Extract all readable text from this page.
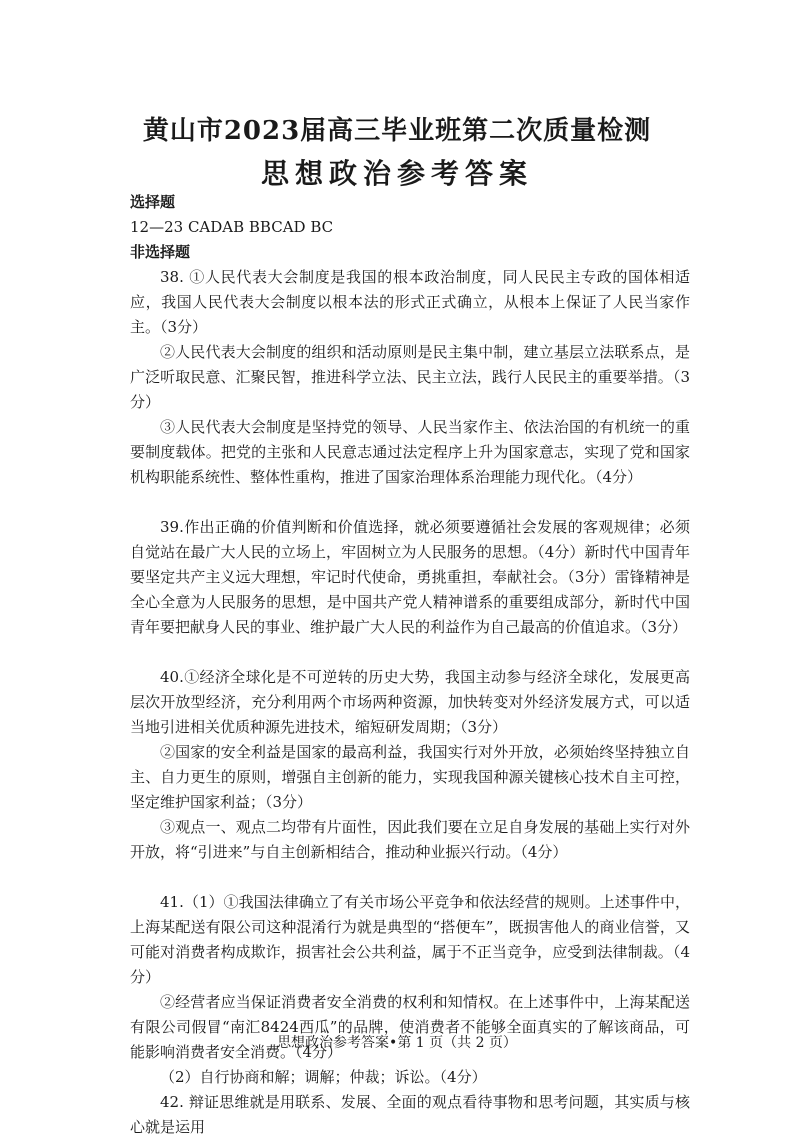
黄山市2023届高三毕业班第二次质量检测
思想政治参考答案

选择题

12—23 CADAB BBCAD BC

非选择题

38. ①人民代表大会制度是我国的根本政治制度，同人民民主专政的国体相适应，我国人民代表大会制度以根本法的形式正式确立，从根本上保证了人民当家作主。（3分）

②人民代表大会制度的组织和活动原则是民主集中制，建立基层立法联系点，是广泛听取民意、汇聚民智，推进科学立法、民主立法，践行人民民主的重要举措。（3分）

③人民代表大会制度是坚持党的领导、人民当家作主、依法治国的有机统一的重要制度载体。把党的主张和人民意志通过法定程序上升为国家意志，实现了党和国家机构职能系统性、整体性重构，推进了国家治理体系治理能力现代化。（4分）

39.作出正确的价值判断和价值选择，就必须要遵循社会发展的客观规律；必须自觉站在最广大人民的立场上，牢固树立为人民服务的思想。（4分）新时代中国青年要坚定共产主义远大理想，牢记时代使命，勇挑重担，奉献社会。（3分）雷锋精神是全心全意为人民服务的思想，是中国共产党人精神谱系的重要组成部分，新时代中国青年要把献身人民的事业、维护最广大人民的利益作为自己最高的价值追求。（3分）

40.①经济全球化是不可逆转的历史大势，我国主动参与经济全球化，发展更高层次开放型经济，充分利用两个市场两种资源，加快转变对外经济发展方式，可以适当地引进相关优质种源先进技术，缩短研发周期；（3分）

②国家的安全利益是国家的最高利益，我国实行对外开放，必须始终坚持独立自主、自力更生的原则，增强自主创新的能力，实现我国种源关键核心技术自主可控，坚定维护国家利益；（3分）

③观点一、观点二均带有片面性，因此我们要在立足自身发展的基础上实行对外开放，将“引进来”与自主创新相结合，推动种业振兴行动。（4分）

41.（1）①我国法律确立了有关市场公平竞争和依法经营的规则。上述事件中，上海某配送有限公司这种混淆行为就是典型的“搭便车”，既损害他人的商业信誉，又可能对消费者构成欺诈，损害社会公共利益，属于不正当竞争，应受到法律制裁。（4分）

②经营者应当保证消费者安全消费的权利和知情权。在上述事件中，上海某配送有限公司假冒“南汇8424西瓜”的品牌，使消费者不能够全面真实的了解该商品，可能影响消费者安全消费。（4分）

（2）自行协商和解；调解；仲裁；诉讼。（4分）

42. 辩证思维就是用联系、发展、全面的观点看待事物和思考问题，其实质与核心就是运用

思想政治参考答案•第 1 页（共 2 页）
